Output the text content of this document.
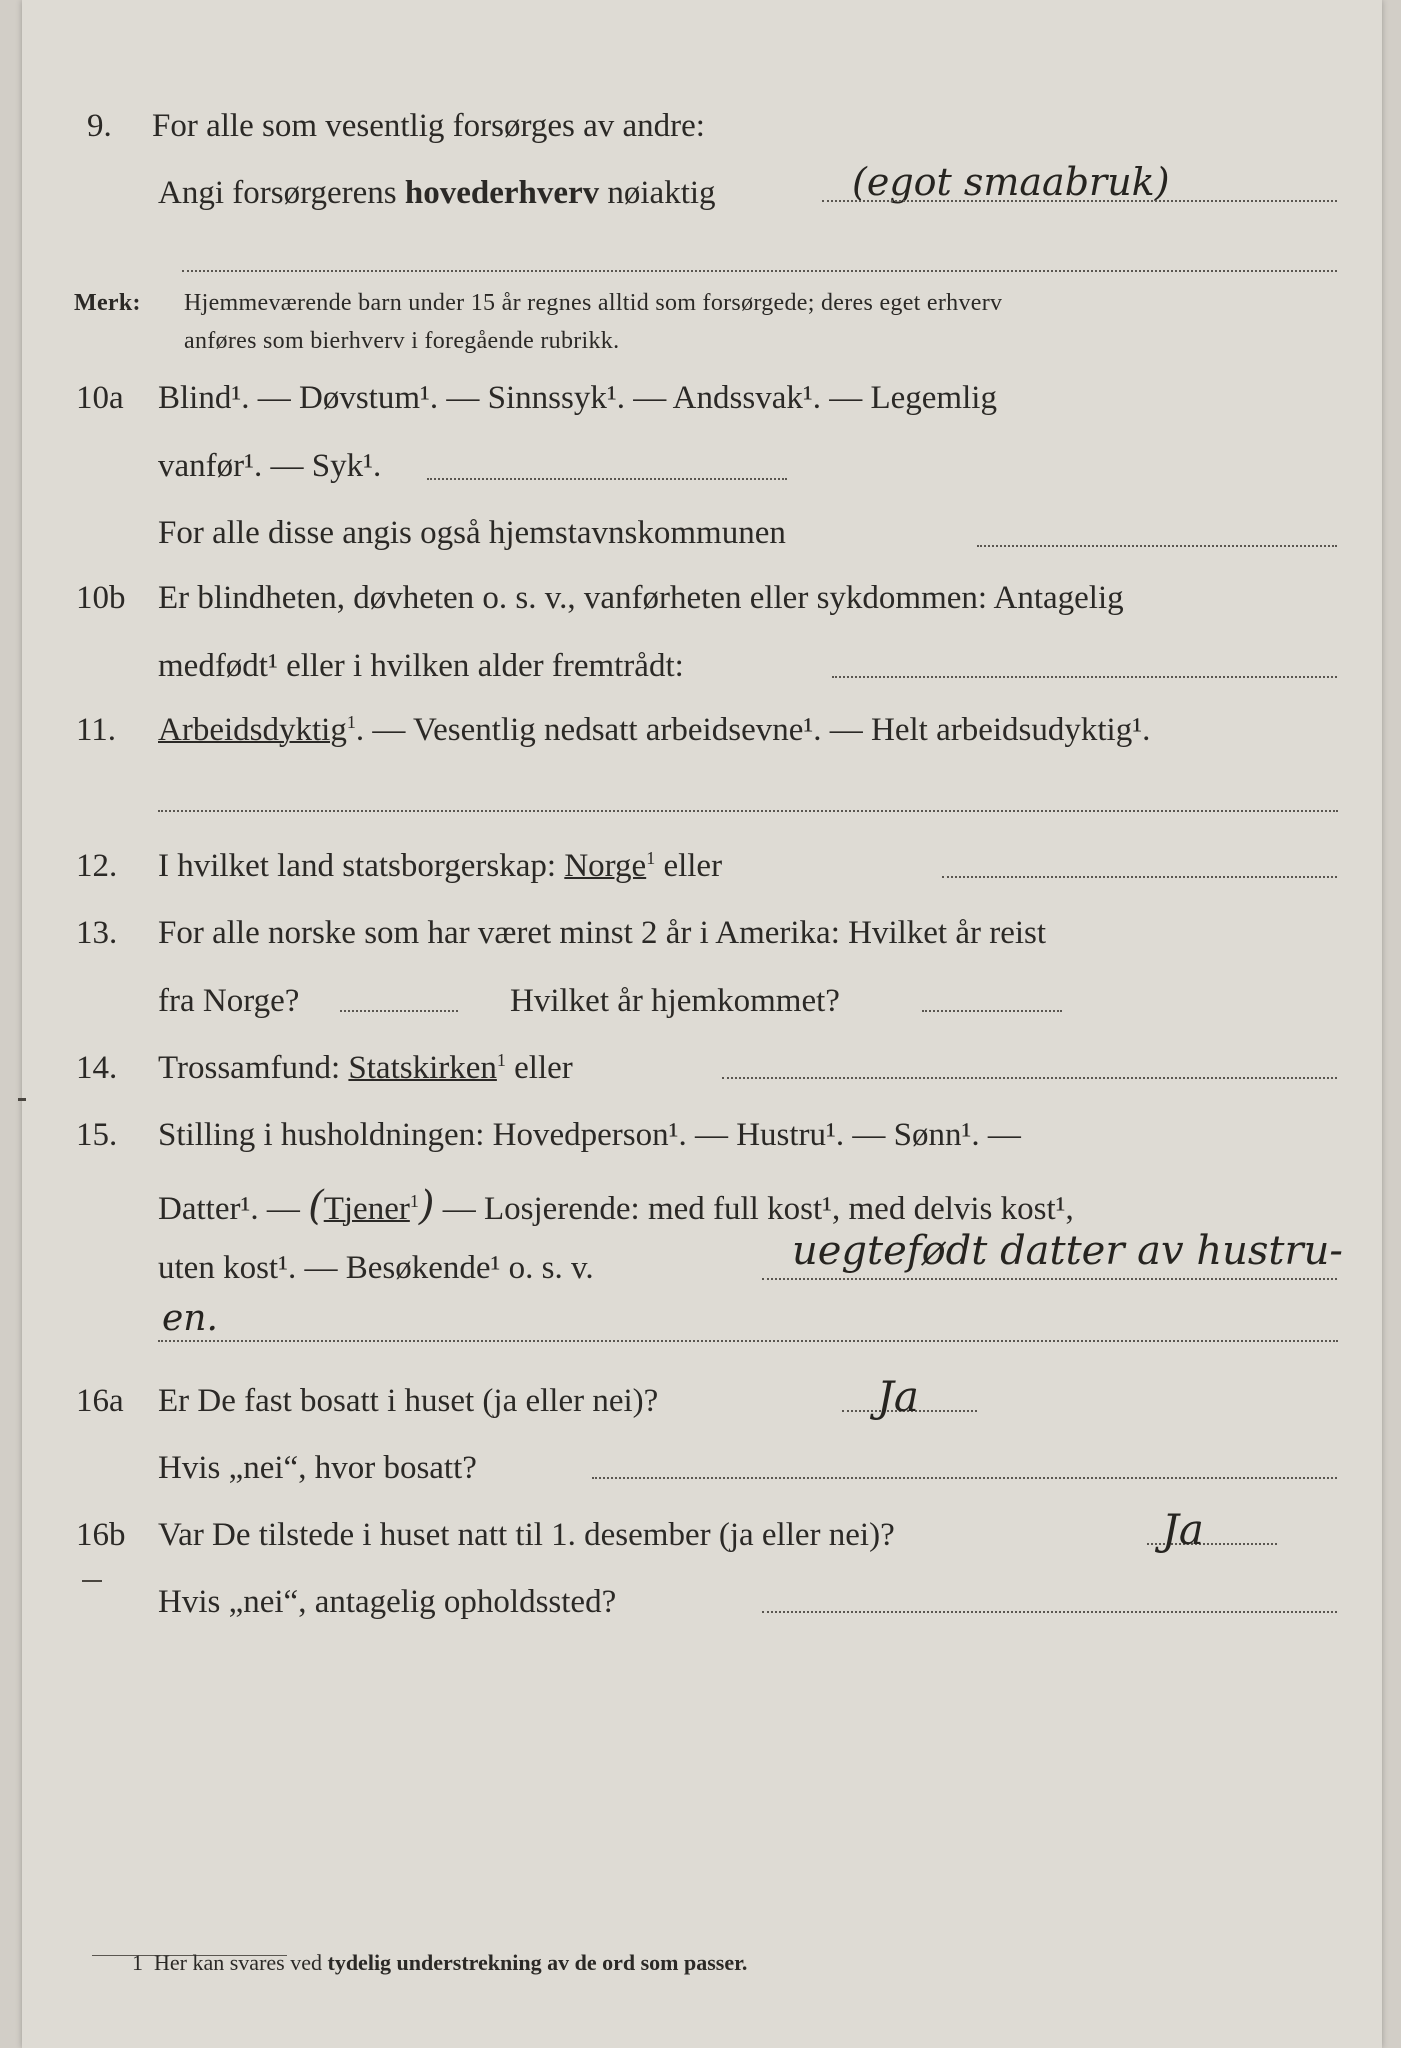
9. For alle som vesentlig forsørges av andre:
Angi forsørgerens hovederhverv nøiaktig	(egot smaabruk)
Merk: Hjemmeværende barn under 15 år regnes alltid som forsørgede; deres eget erhverv
anføres som bierhverv i foregående rubrikk.
10a Blind¹. — Døvstum¹. — Sinnssyk¹. — Andssvak¹. — Legemlig
vanfør¹. — Syk¹.
For alle disse angis også hjemstavnskommunen
10b Er blindheten, døvheten o. s. v., vanførheten eller sykdommen: Antagelig
medfødt¹ eller i hvilken alder fremtrådt:
11. Arbeidsdyktig$^1$. — Vesentlig nedsatt arbeidsevne¹. — Helt arbeidsudyktig¹.
12. I hvilket land statsborgerskap: Norge$^1$ eller
13. For alle norske som har været minst 2 år i Amerika: Hvilket år reist
fra Norge?	Hvilket år hjemkommet?
14. Trossamfund: Statskirken$^1$ eller
15. Stilling i husholdningen: Hovedperson¹. — Hustru¹. — Sønn¹. —
Datter¹. — (Tjener$^1$) — Losjerende: med full kost¹, med delvis kost¹,
uten kost¹. — Besøkende¹ o. s. v.	uegtefødt datter av hustru-
en.
16a Er De fast bosatt i huset (ja eller nei)?	Ja
Hvis „nei“, hvor bosatt?
16b Var De tilstede i huset natt til 1. desember (ja eller nei)?	Ja
Hvis „nei“, antagelig opholdssted?
1 Her kan svares ved tydelig understrekning av de ord som passer.
